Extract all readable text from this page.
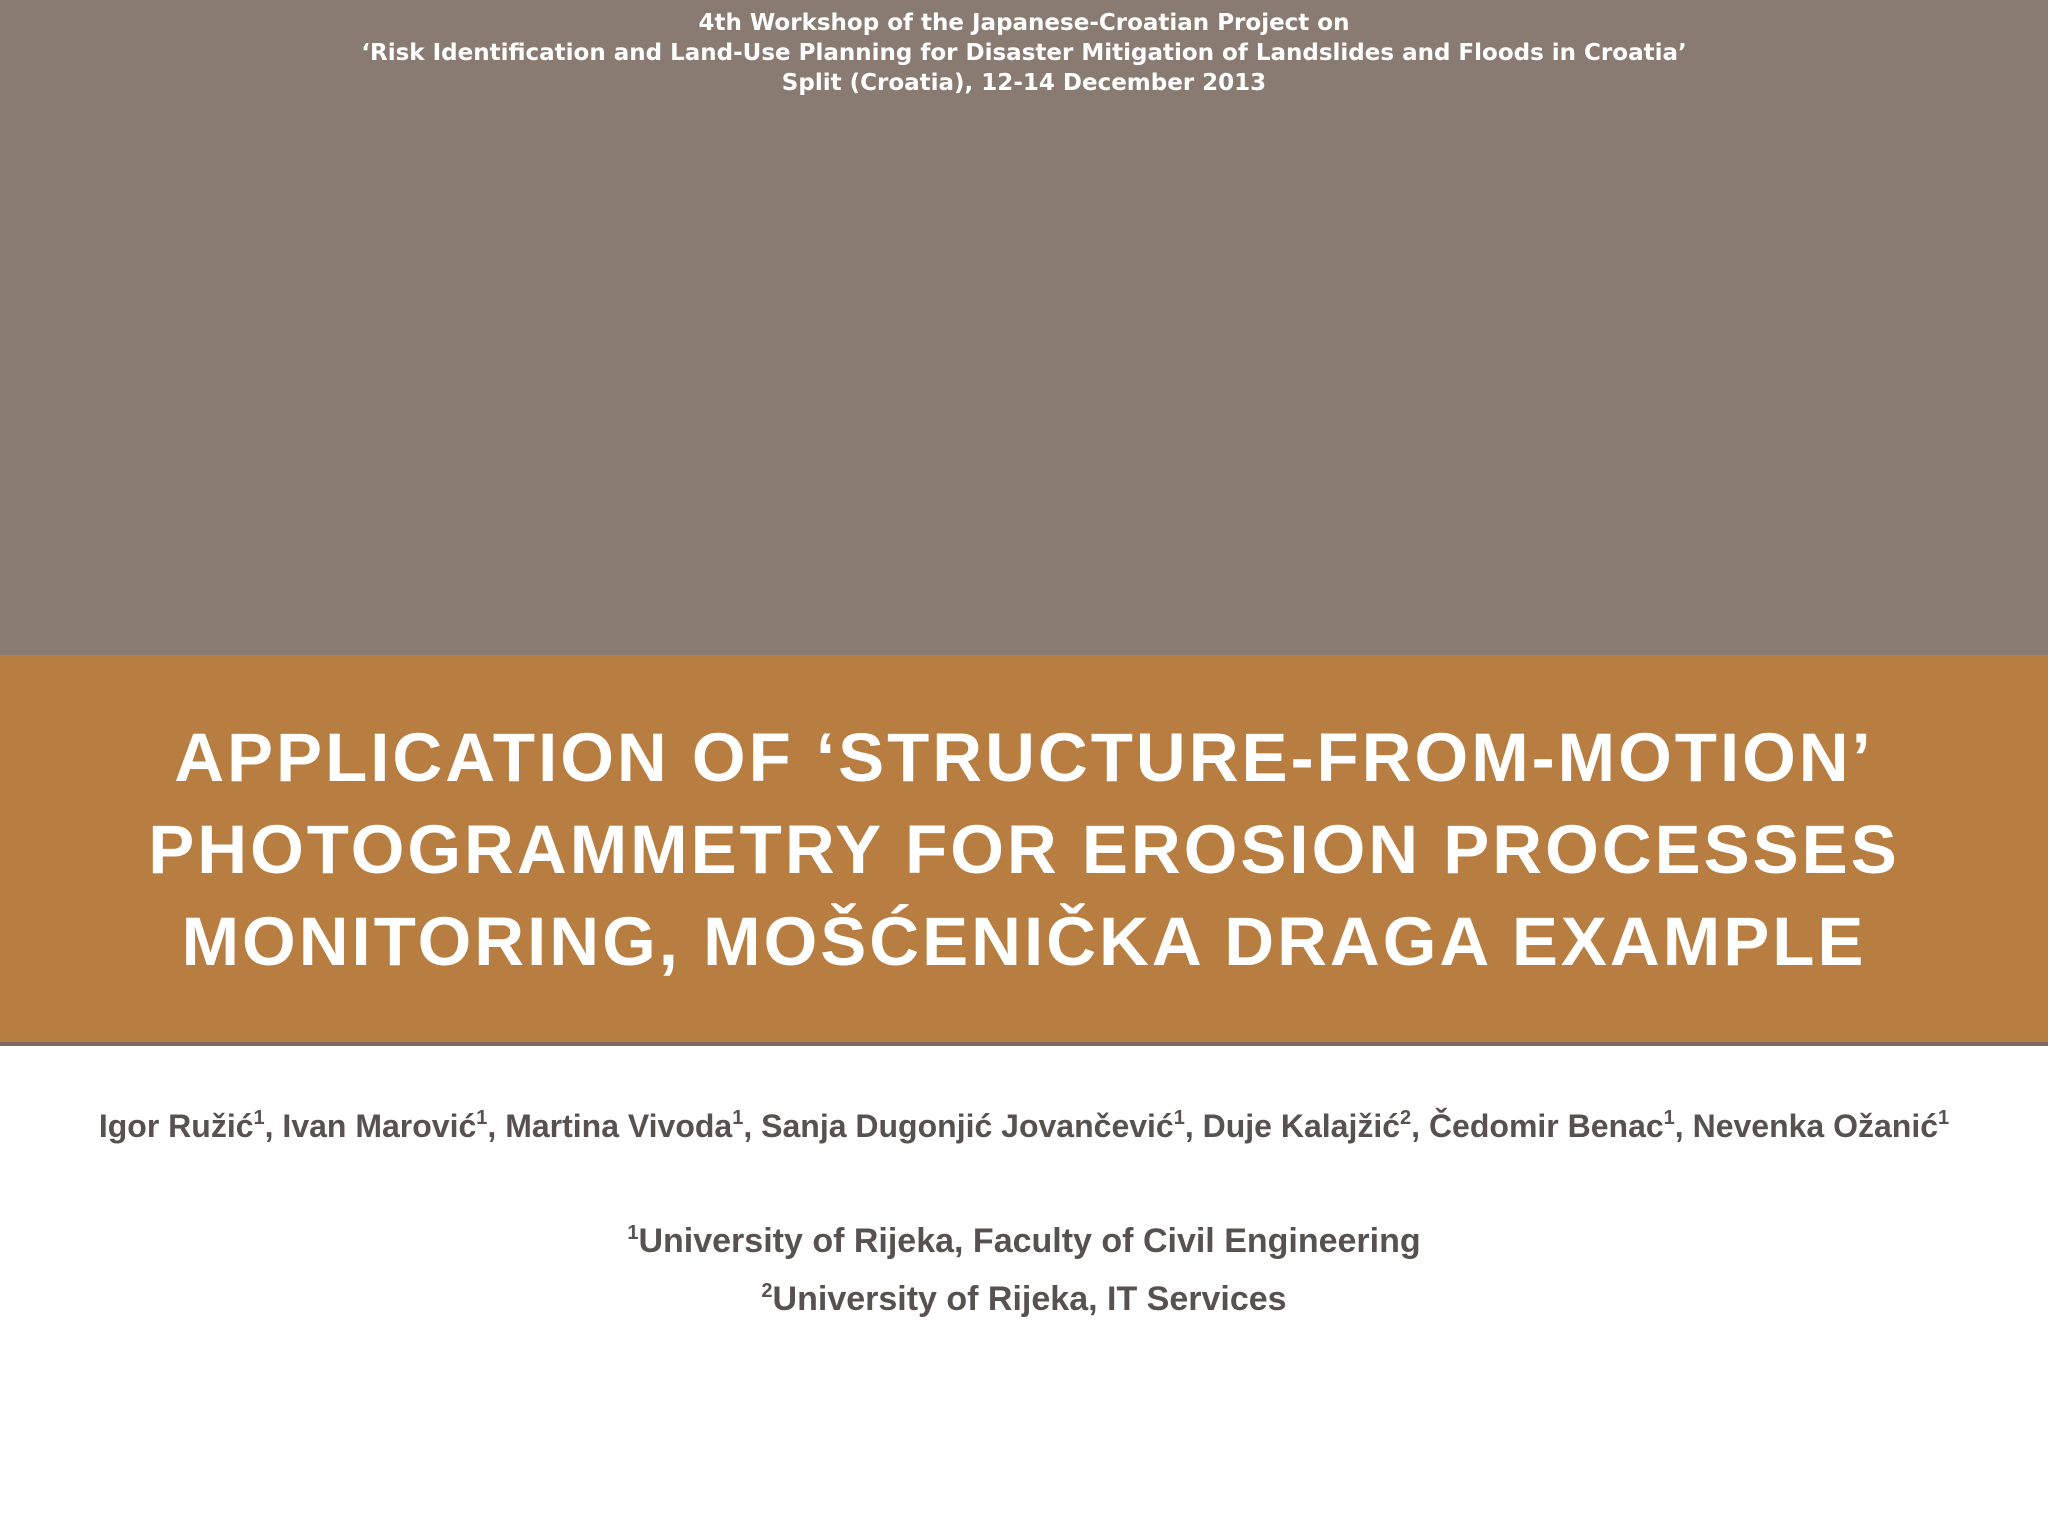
4th Workshop of the Japanese-Croatian Project on
‘Risk Identification and Land-Use Planning for Disaster Mitigation of Landslides and Floods in Croatia’
Split (Croatia), 12-14 December 2013
APPLICATION OF ‘STRUCTURE-FROM-MOTION’
PHOTOGRAMMETRY FOR EROSION PROCESSES
MONITORING, MOŠĆENIČKA DRAGA EXAMPLE
Igor Ružić$^1$, Ivan Marović$^1$, Martina Vivoda$^1$, Sanja Dugonjić Jovančević$^1$, Duje Kalajžić$^2$, Čedomir Benac$^1$, Nevenka Ožanić$^1$
$^1$University of Rijeka, Faculty of Civil Engineering
$^2$University of Rijeka, IT Services
